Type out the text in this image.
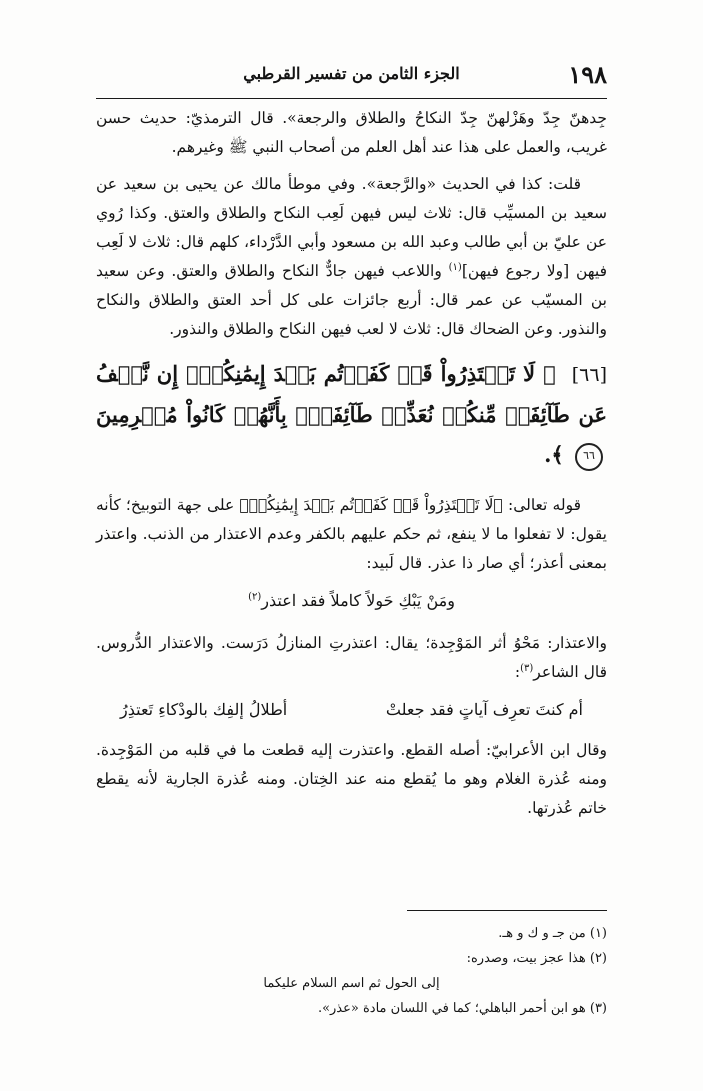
١٩٨
الجزء الثامن من تفسير القرطبي

جِدهنّ جِدّ وهَزْلهنّ جِدّ النكاحُ والطلاق والرجعة». قال الترمذيّ: حديث حسن غريب، والعمل على هذا عند أهل العلم من أصحاب النبي ﷺ وغيرهم.

قلت: كذا في الحديث «والرَّجعة». وفي موطأ مالك عن يحيى بن سعيد عن سعيد بن المسيِّب قال: ثلاث ليس فيهن لَعِب النكاح والطلاق والعتق. وكذا رُوي عن عليّ بن أبي طالب وعبد الله بن مسعود وأبي الدَّرْداء، كلهم قال: ثلاث لا لَعِب فيهن [ولا رجوع فيهن]$^{(١)}$ واللاعب فيهن جادٌّ النكاح والطلاق والعتق. وعن سعيد بن المسيّب عن عمر قال: أربع جائزات على كل أحد العتق والطلاق والنكاح والنذور. وعن الضحاك قال: ثلاث لا لعب فيهن النكاح والطلاق والنذور.

[٦٦] ﴿ لَا تَعۡتَذِرُواْ قَدۡ كَفَرۡتُم بَعۡدَ إِيمَٰنِكُمۡۚ إِن نَّعۡفُ عَن طَآئِفَةٖ مِّنكُمۡ نُعَذِّبۡ طَآئِفَةَۢ بِأَنَّهُمۡ كَانُواْ مُجۡرِمِينَ ٦٦ ﴾.

قوله تعالى: ﴿لَا تَعۡتَذِرُواْ قَدۡ كَفَرۡتُم بَعۡدَ إِيمَٰنِكُمۡ﴾ على جهة التوبيخ؛ كأنه يقول: لا تفعلوا ما لا ينفع، ثم حكم عليهم بالكفر وعدم الاعتذار من الذنب. واعتذر بمعنى أعذر؛ أي صار ذا عذر. قال لَبيد:

ومَنْ يَبْكِ حَولاً كاملاً فقد اعتذر$^{(٢)}$

والاعتذار: مَحْوُ أثر المَوْجِدة؛ يقال: اعتذرتِ المنازلُ دَرَست. والاعتذار الدُّروس. قال الشاعر$^{(٣)}$:

أم كنتَ تعرِف آياتٍ فقد جعلتْ
أطلالُ إلفِك بالودْكاءِ تَعتذِرُ

وقال ابن الأعرابيّ: أصله القطع. واعتذرت إليه قطعت ما في قلبه من المَوْجِدة. ومنه عُذرة الغلام وهو ما يُقطع منه عند الخِتان. ومنه عُذرة الجارية لأنه يقطع خاتم عُذرتها.

(١) من جـ و ك و هـ.

(٢) هذا عجز بيت، وصدره:

إلى الحول ثم اسم السلام عليكما

(٣) هو ابن أحمر الباهلي؛ كما في اللسان مادة «عذر».
